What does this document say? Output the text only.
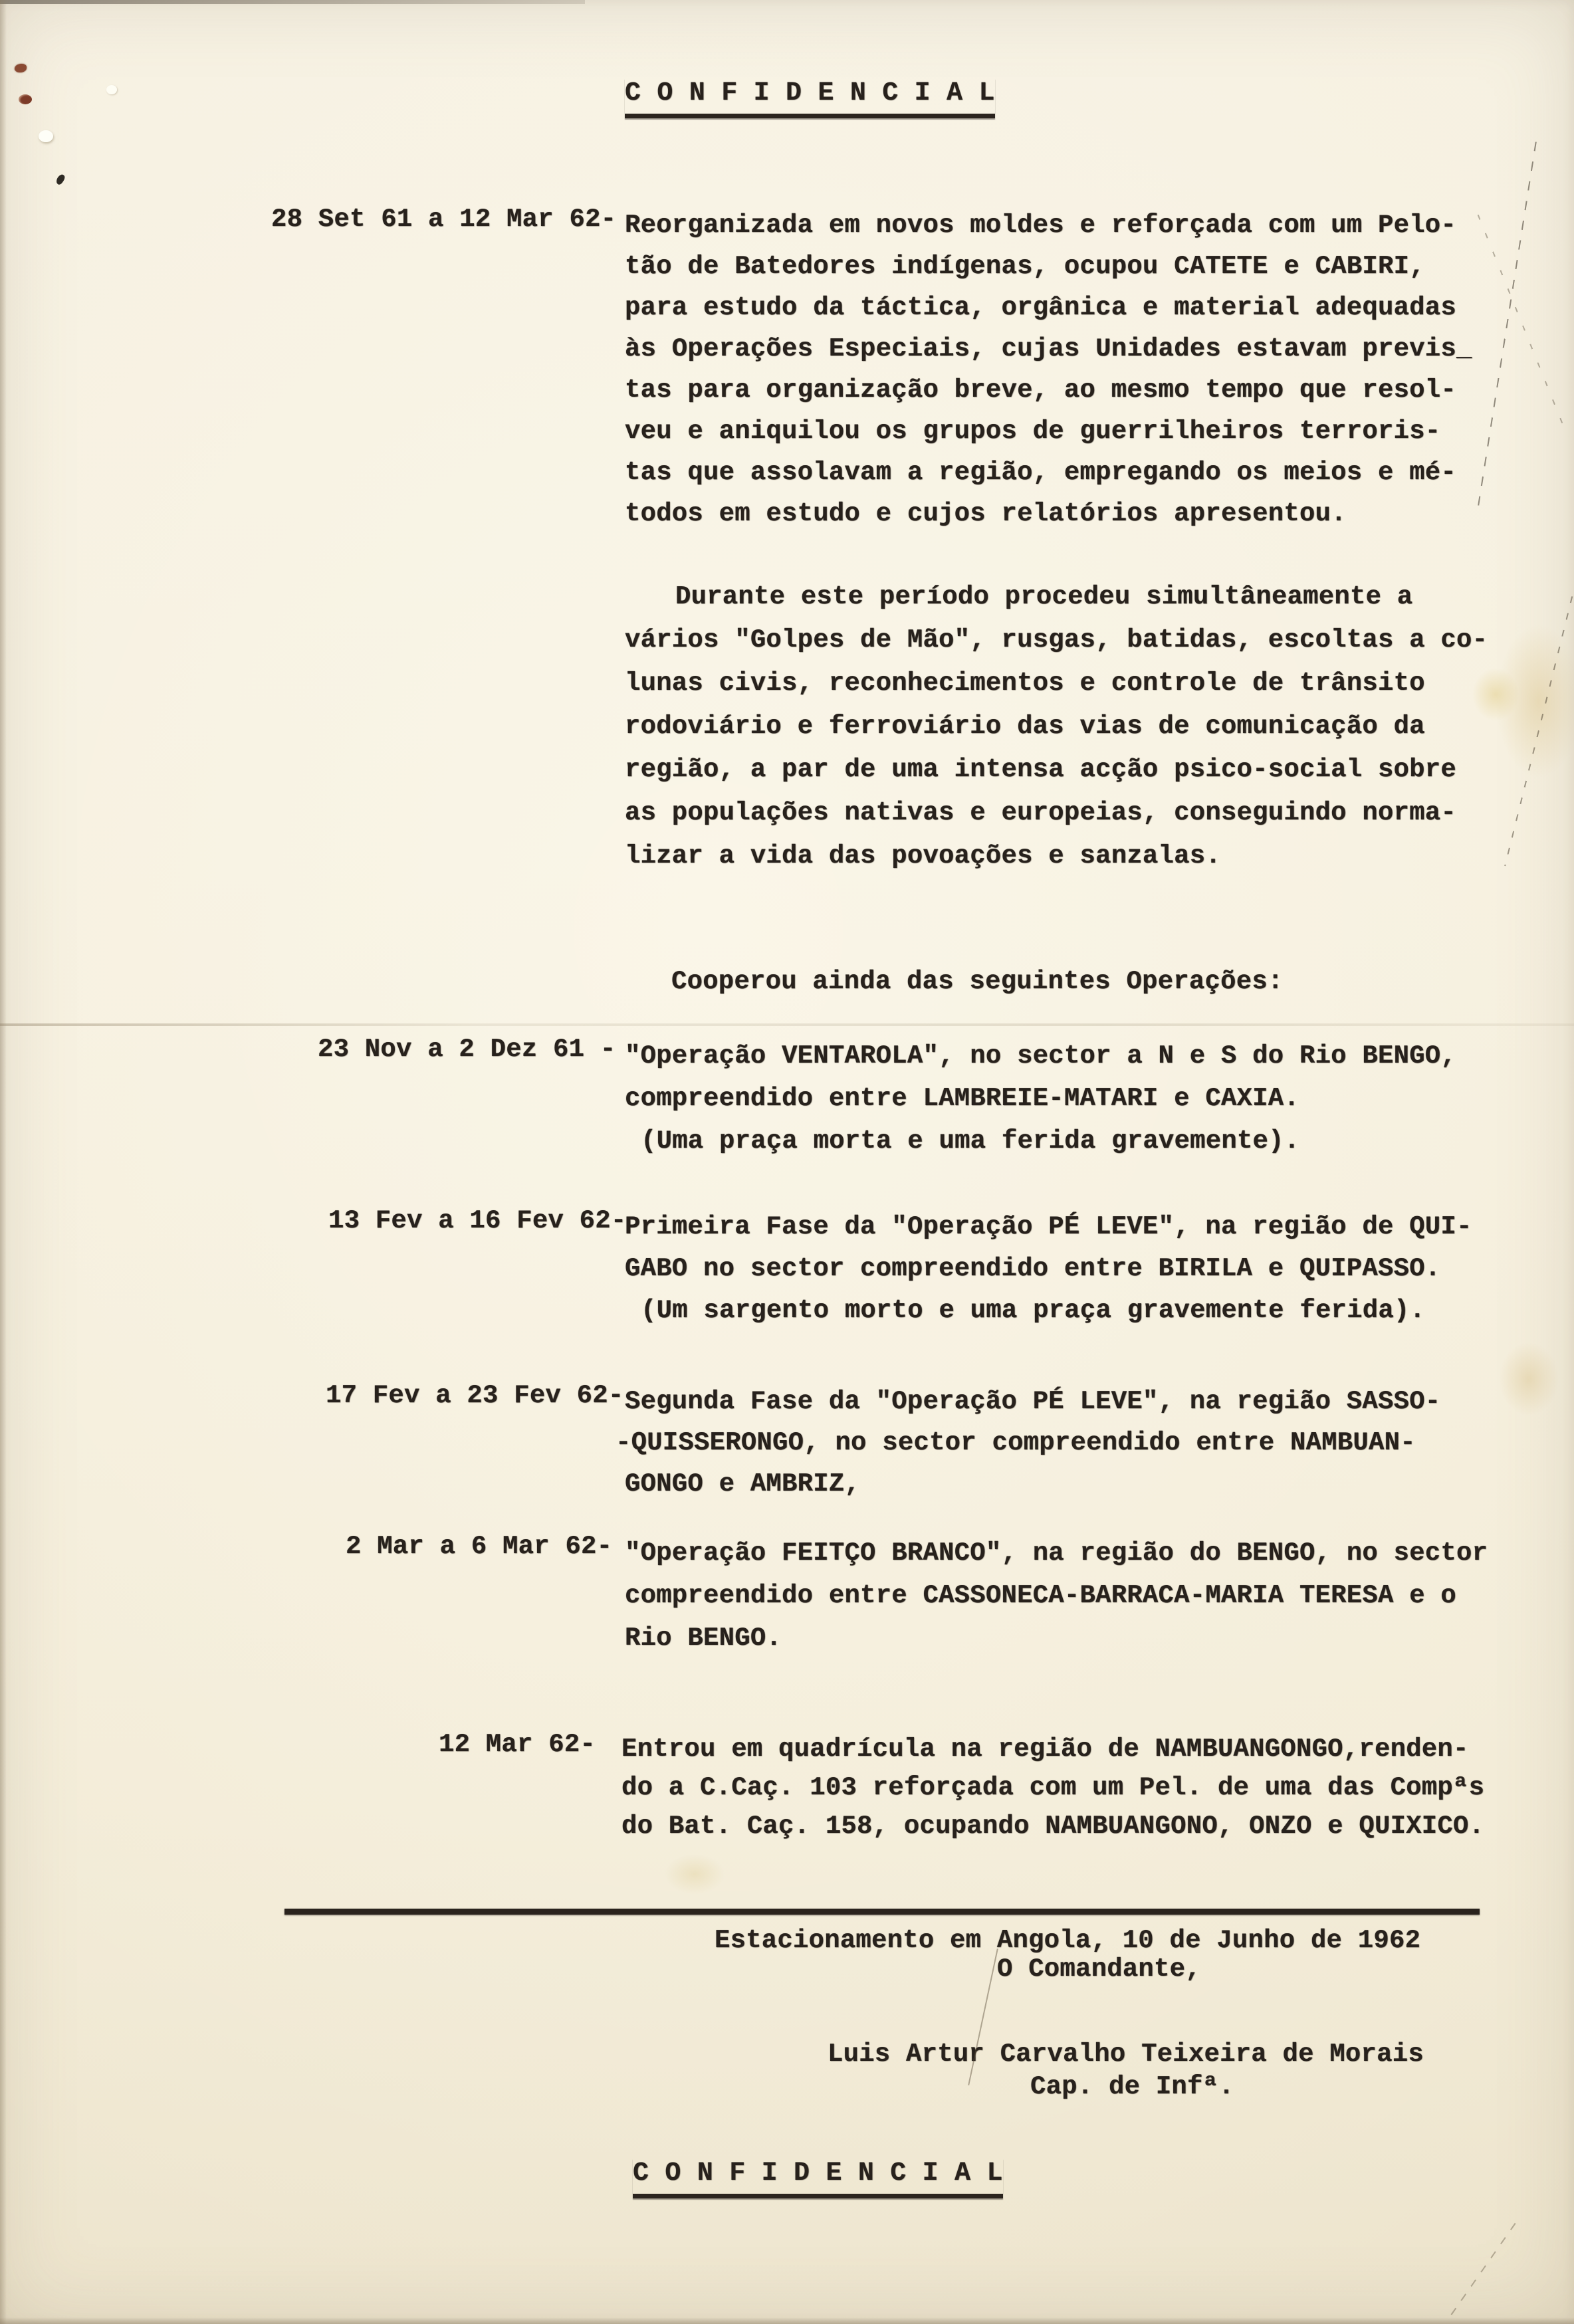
C O N F I D E N C I A L
28 Set 61 a 12 Mar 62- Reorganizada em novos moldes e reforçada com um Pelo-
tão de Batedores indígenas, ocupou CATETE e CABIRI,
para estudo da táctica, orgânica e material adequadas
às Operações Especiais, cujas Unidades estavam previs_
tas para organização breve, ao mesmo tempo que resol-
veu e aniquilou os grupos de guerrilheiros terroris-
tas que assolavam a região, empregando os meios e mé-
todos em estudo e cujos relatórios apresentou.
Durante este período procedeu simultâneamente a
vários "Golpes de Mão", rusgas, batidas, escoltas a co-
lunas civis, reconhecimentos e controle de trânsito
rodoviário e ferroviário das vias de comunicação da
região, a par de uma intensa acção psico-social sobre
as populações nativas e europeias, conseguindo norma-
lizar a vida das povoações e sanzalas.
Cooperou ainda das seguintes Operações:
23 Nov a 2 Dez 61 - "Operação VENTAROLA", no sector a N e S do Rio BENGO,
compreendido entre LAMBREIE-MATARI e CAXIA.
(Uma praça morta e uma ferida gravemente).
13 Fev a 16 Fev 62-
Primeira Fase da "Operação PÉ LEVE", na região de QUI-
GABO no sector compreendido entre BIRILA e QUIPASSO.
(Um sargento morto e uma praça gravemente ferida).
17 Fev a 23 Fev 62- Segunda Fase da "Operação PÉ LEVE", na região SASSO-
-QUISSERONGO, no sector compreendido entre NAMBUAN-
GONGO e AMBRIZ,
2 Mar a 6 Mar 62- "Operação FEITÇO BRANCO", na região do BENGO, no sector
compreendido entre CASSONECA-BARRACA-MARIA TERESA e o
Rio BENGO.
12 Mar 62- Entrou em quadrícula na região de NAMBUANGONGO,renden-
do a C.Caç. 103 reforçada com um Pel. de uma das Compªs
do Bat. Caç. 158, ocupando NAMBUANGONO, ONZO e QUIXICO.
Estacionamento em Angola, 10 de Junho de 1962
O Comandante,
Luis Artur Carvalho Teixeira de Morais
Cap. de Infª.
C O N F I D E N C I A L
